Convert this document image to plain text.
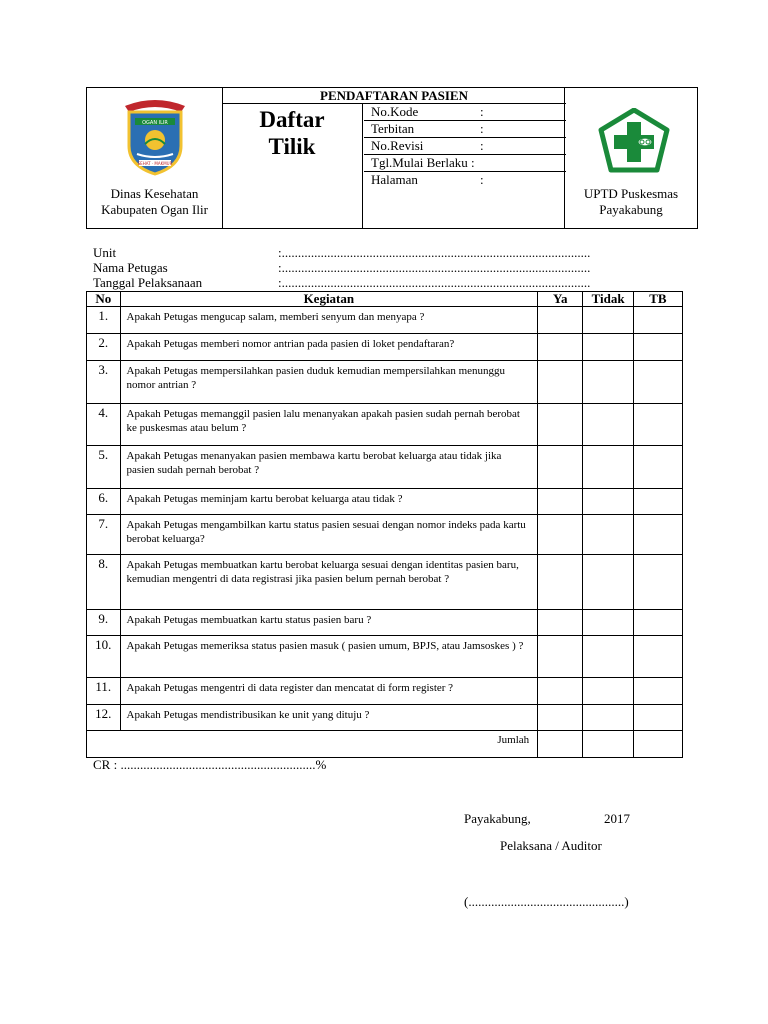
OGAN ILIR
SEHAT · MAKMUR
Dinas Kesehatan
Kabupaten Ogan Ilir
PENDAFTARAN PASIEN
Daftar
Tilik
No.Kode	:
Terbitan	:
No.Revisi	:
Tgl.Mulai Berlaku :
Halaman	:
UPTD Puskesmas
Payakabung
Unit	:...............................................................................................
Nama Petugas	:...............................................................................................
Tanggal Pelaksanaan	:...............................................................................................
No	Kegiatan	Ya	Tidak	TB
1.	Apakah Petugas mengucap salam, memberi senyum dan menyapa ?			
2.	Apakah Petugas memberi nomor antrian pada pasien di loket pendaftaran?			
3.	Apakah Petugas mempersilahkan pasien duduk kemudian mempersilahkan menunggu nomor antrian ?			
4.	Apakah Petugas memanggil pasien lalu menanyakan apakah pasien sudah pernah berobat ke puskesmas atau belum ?			
5.	Apakah Petugas menanyakan pasien membawa kartu berobat keluarga atau tidak jika pasien sudah pernah berobat ?			
6.	Apakah Petugas meminjam kartu berobat keluarga atau tidak ?			
7.	Apakah Petugas mengambilkan kartu status pasien sesuai dengan nomor indeks pada kartu berobat keluarga?			
8.	Apakah Petugas membuatkan kartu berobat keluarga sesuai dengan identitas pasien baru, kemudian mengentri di data registrasi jika pasien belum pernah berobat ?			
9.	Apakah Petugas membuatkan kartu status pasien baru ?			
10.	Apakah Petugas memeriksa status pasien masuk ( pasien umum, BPJS, atau Jamsoskes ) ?			
11.	Apakah Petugas mengentri di data register dan mencatat di form register ?			
12.	Apakah Petugas mendistribusikan ke unit yang dituju ?			
Jumlah				
CR : ............................................................%
Payakabung,	2017
Pelaksana / Auditor
(................................................)
